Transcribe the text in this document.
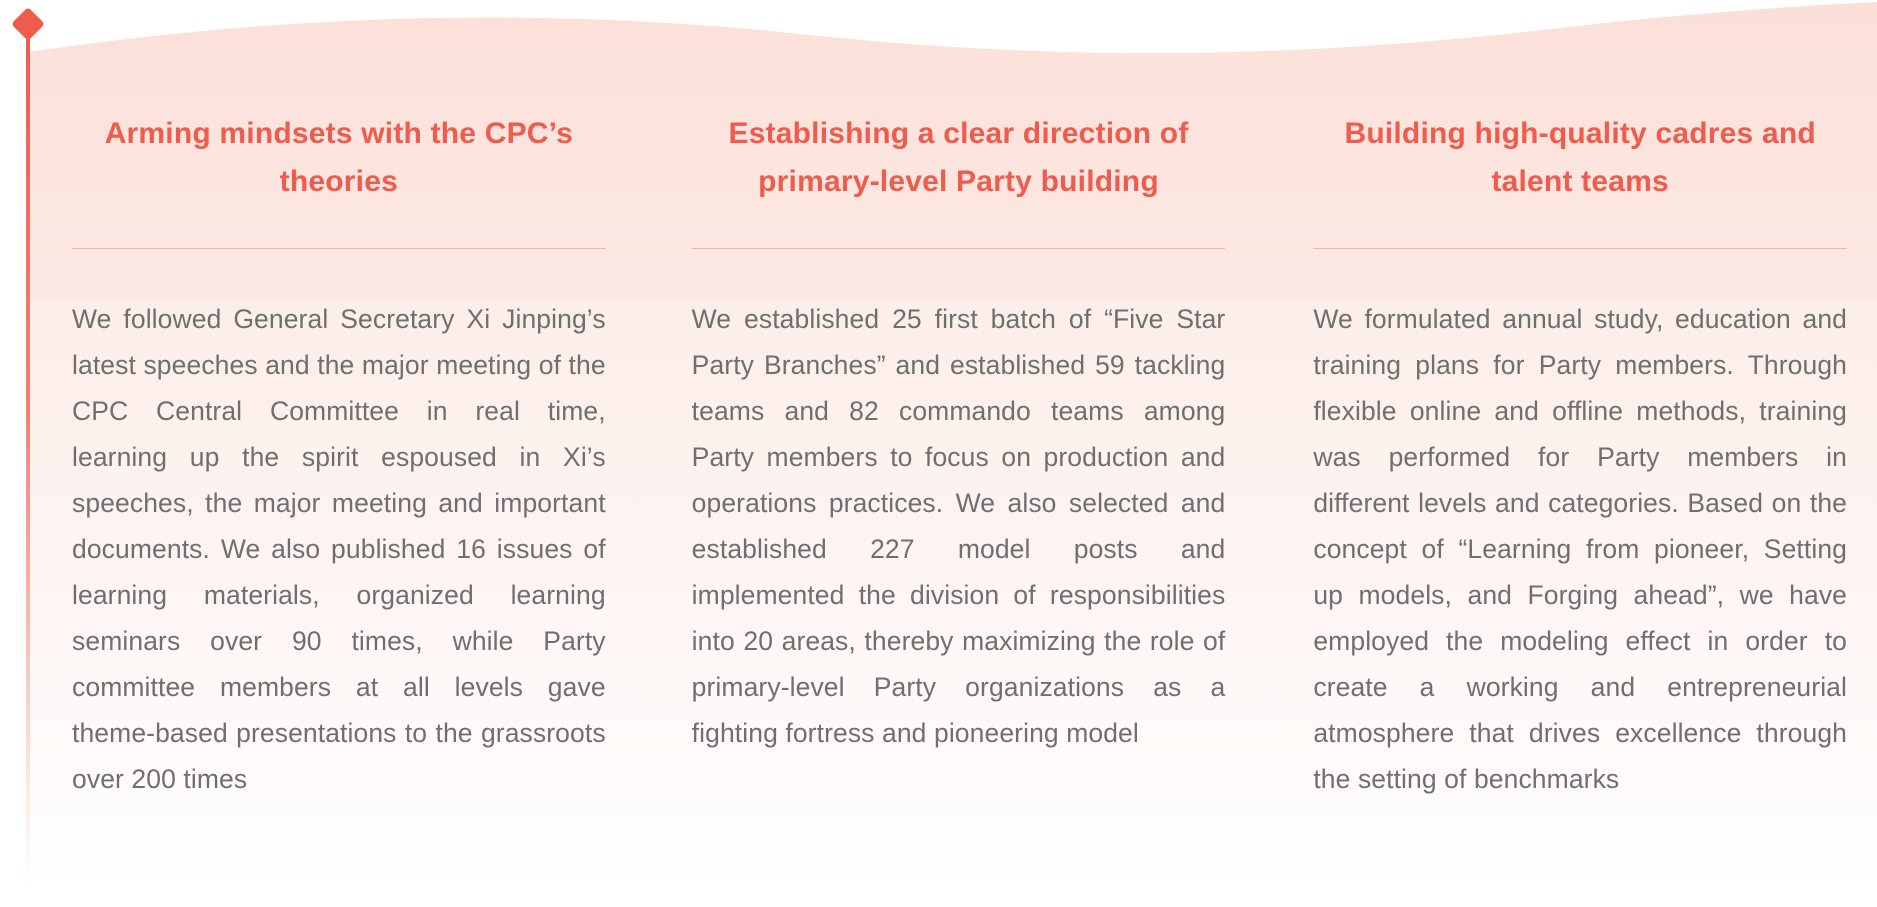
Arming mindsets with the CPC’s theories
We followed General Secretary Xi Jinping’s latest speeches and the major meeting of the CPC Central Committee in real time, learning up the spirit espoused in Xi’s speeches, the major meeting and important documents. We also published 16 issues of learning materials, organized learning seminars over 90 times, while Party committee members at all levels gave theme-based presentations to the grassroots over 200 times
Establishing a clear direction of primary-level Party building
We established 25 first batch of “Five Star Party Branches” and established 59 tackling teams and 82 commando teams among Party members to focus on production and operations practices. We also selected and established 227 model posts and implemented the division of responsibilities into 20 areas, thereby maximizing the role of primary-level Party organizations as a fighting fortress and pioneering model
Building high-quality cadres and talent teams
We formulated annual study, education and training plans for Party members. Through flexible online and offline methods, training was performed for Party members in different levels and categories. Based on the concept of “Learning from pioneer, Setting up models, and Forging ahead”, we have employed the modeling effect in order to create a working and entrepreneurial atmosphere that drives excellence through the setting of benchmarks
